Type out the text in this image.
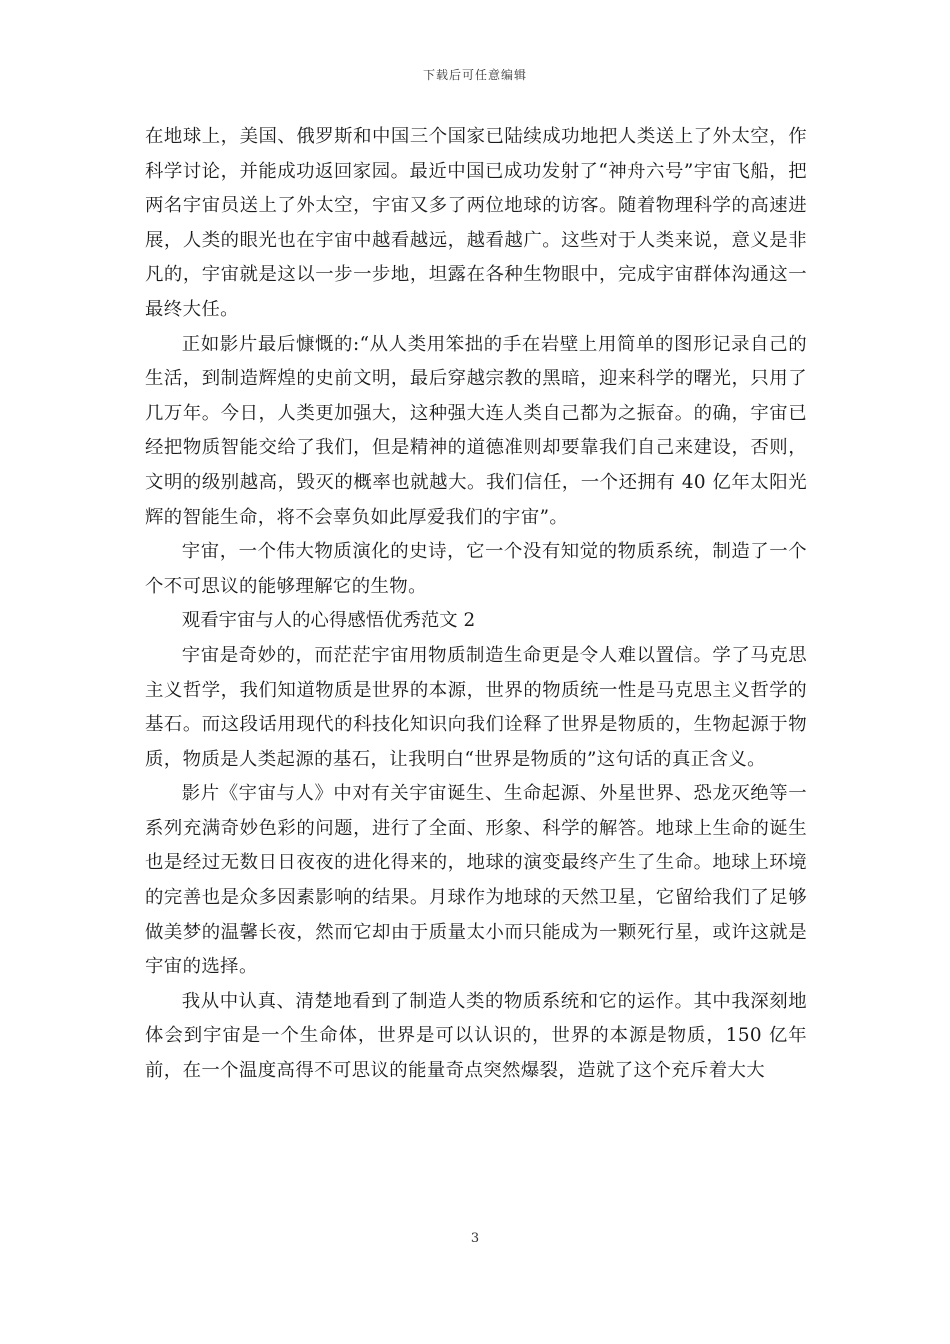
下载后可任意编辑

在地球上，美国、俄罗斯和中国三个国家已陆续成功地把人类送上了外太空，作科学讨论，并能成功返回家园。最近中国已成功发射了“神舟六号”宇宙飞船，把两名宇宙员送上了外太空，宇宙又多了两位地球的访客。随着物理科学的高速进展，人类的眼光也在宇宙中越看越远，越看越广。这些对于人类来说，意义是非凡的，宇宙就是这以一步一步地，坦露在各种生物眼中，完成宇宙群体沟通这一最终大任。

正如影片最后慷慨的:“从人类用笨拙的手在岩壁上用简单的图形记录自己的生活，到制造辉煌的史前文明，最后穿越宗教的黑暗，迎来科学的曙光，只用了几万年。今日，人类更加强大，这种强大连人类自己都为之振奋。的确，宇宙已经把物质智能交给了我们，但是精神的道德准则却要靠我们自己来建设，否则，文明的级别越高，毁灭的概率也就越大。我们信任，一个还拥有 40 亿年太阳光辉的智能生命，将不会辜负如此厚爱我们的宇宙”。

宇宙，一个伟大物质演化的史诗，它一个没有知觉的物质系统，制造了一个个不可思议的能够理解它的生物。

观看宇宙与人的心得感悟优秀范文 2

宇宙是奇妙的，而茫茫宇宙用物质制造生命更是令人难以置信。学了马克思主义哲学，我们知道物质是世界的本源，世界的物质统一性是马克思主义哲学的基石。而这段话用现代的科技化知识向我们诠释了世界是物质的，生物起源于物质，物质是人类起源的基石，让我明白“世界是物质的”这句话的真正含义。

影片《宇宙与人》中对有关宇宙诞生、生命起源、外星世界、恐龙灭绝等一系列充满奇妙色彩的问题，进行了全面、形象、科学的解答。地球上生命的诞生也是经过无数日日夜夜的进化得来的，地球的演变最终产生了生命。地球上环境的完善也是众多因素影响的结果。月球作为地球的天然卫星，它留给我们了足够做美梦的温馨长夜，然而它却由于质量太小而只能成为一颗死行星，或许这就是宇宙的选择。

我从中认真、清楚地看到了制造人类的物质系统和它的运作。其中我深刻地体会到宇宙是一个生命体，世界是可以认识的，世界的本源是物质，150 亿年前，在一个温度高得不可思议的能量奇点突然爆裂，造就了这个充斥着大大

3
